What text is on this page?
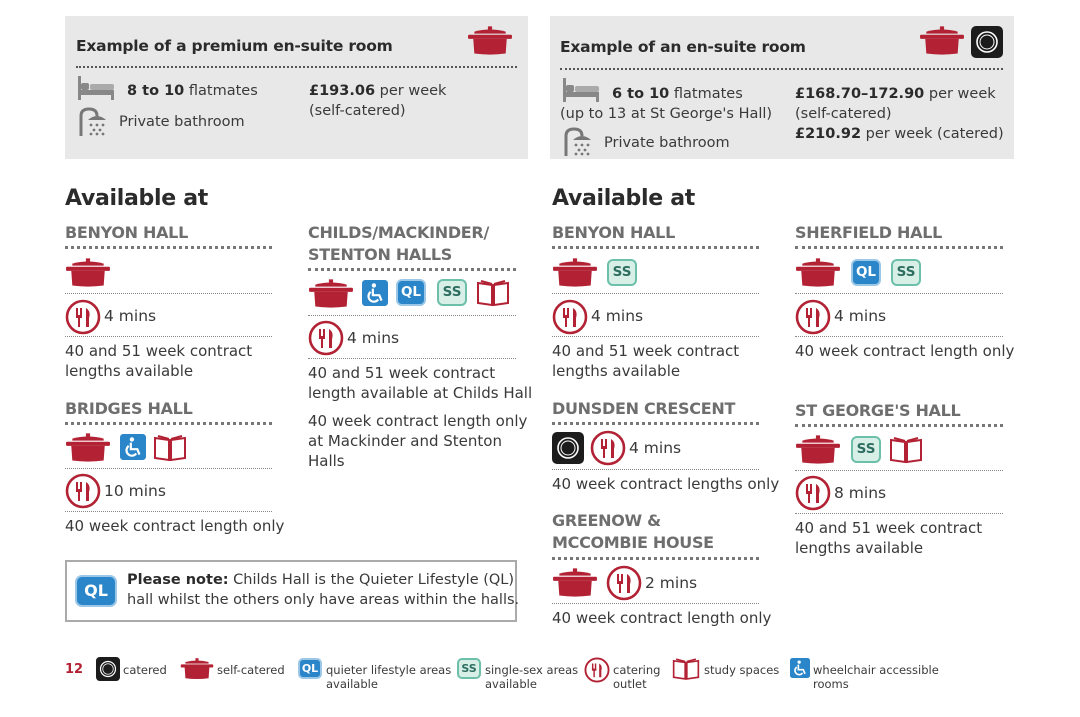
Example of a premium en-suite room
8 to 10 flatmates
Private bathroom
£193.06 per week
(self-catered)
Example of an en-suite room
6 to 10 flatmates
(up to 13 at St George's Hall)
Private bathroom
£168.70–172.90 per week
(self-catered)
£210.92 per week (catered)
Available at
BENYON HALL
4 mins
40 and 51 week contract
lengths available
BRIDGES HALL
10 mins
40 week contract length only
CHILDS/MACKINDER/
STENTON HALLS
QL	SS
4 mins
40 and 51 week contract
length available at Childs Hall
40 week contract length only
at Mackinder and Stenton
Halls
QL
Please note: Childs Hall is the Quieter Lifestyle (QL)
hall whilst the others only have areas within the halls.
Available at
BENYON HALL
SS
4 mins
40 and 51 week contract
lengths available
DUNSDEN CRESCENT
4 mins
40 week contract lengths only
GREENOW &
MCCOMBIE HOUSE
2 mins
40 week contract length only
SHERFIELD HALL
QL	SS
4 mins
40 week contract length only
ST GEORGE'S HALL
SS
8 mins
40 and 51 week contract
lengths available
12	catered	self-catered	QL quieter lifestyle areas
available
SS single-sex areas
available
catering
outlet
study spaces	wheelchair accessible
rooms
